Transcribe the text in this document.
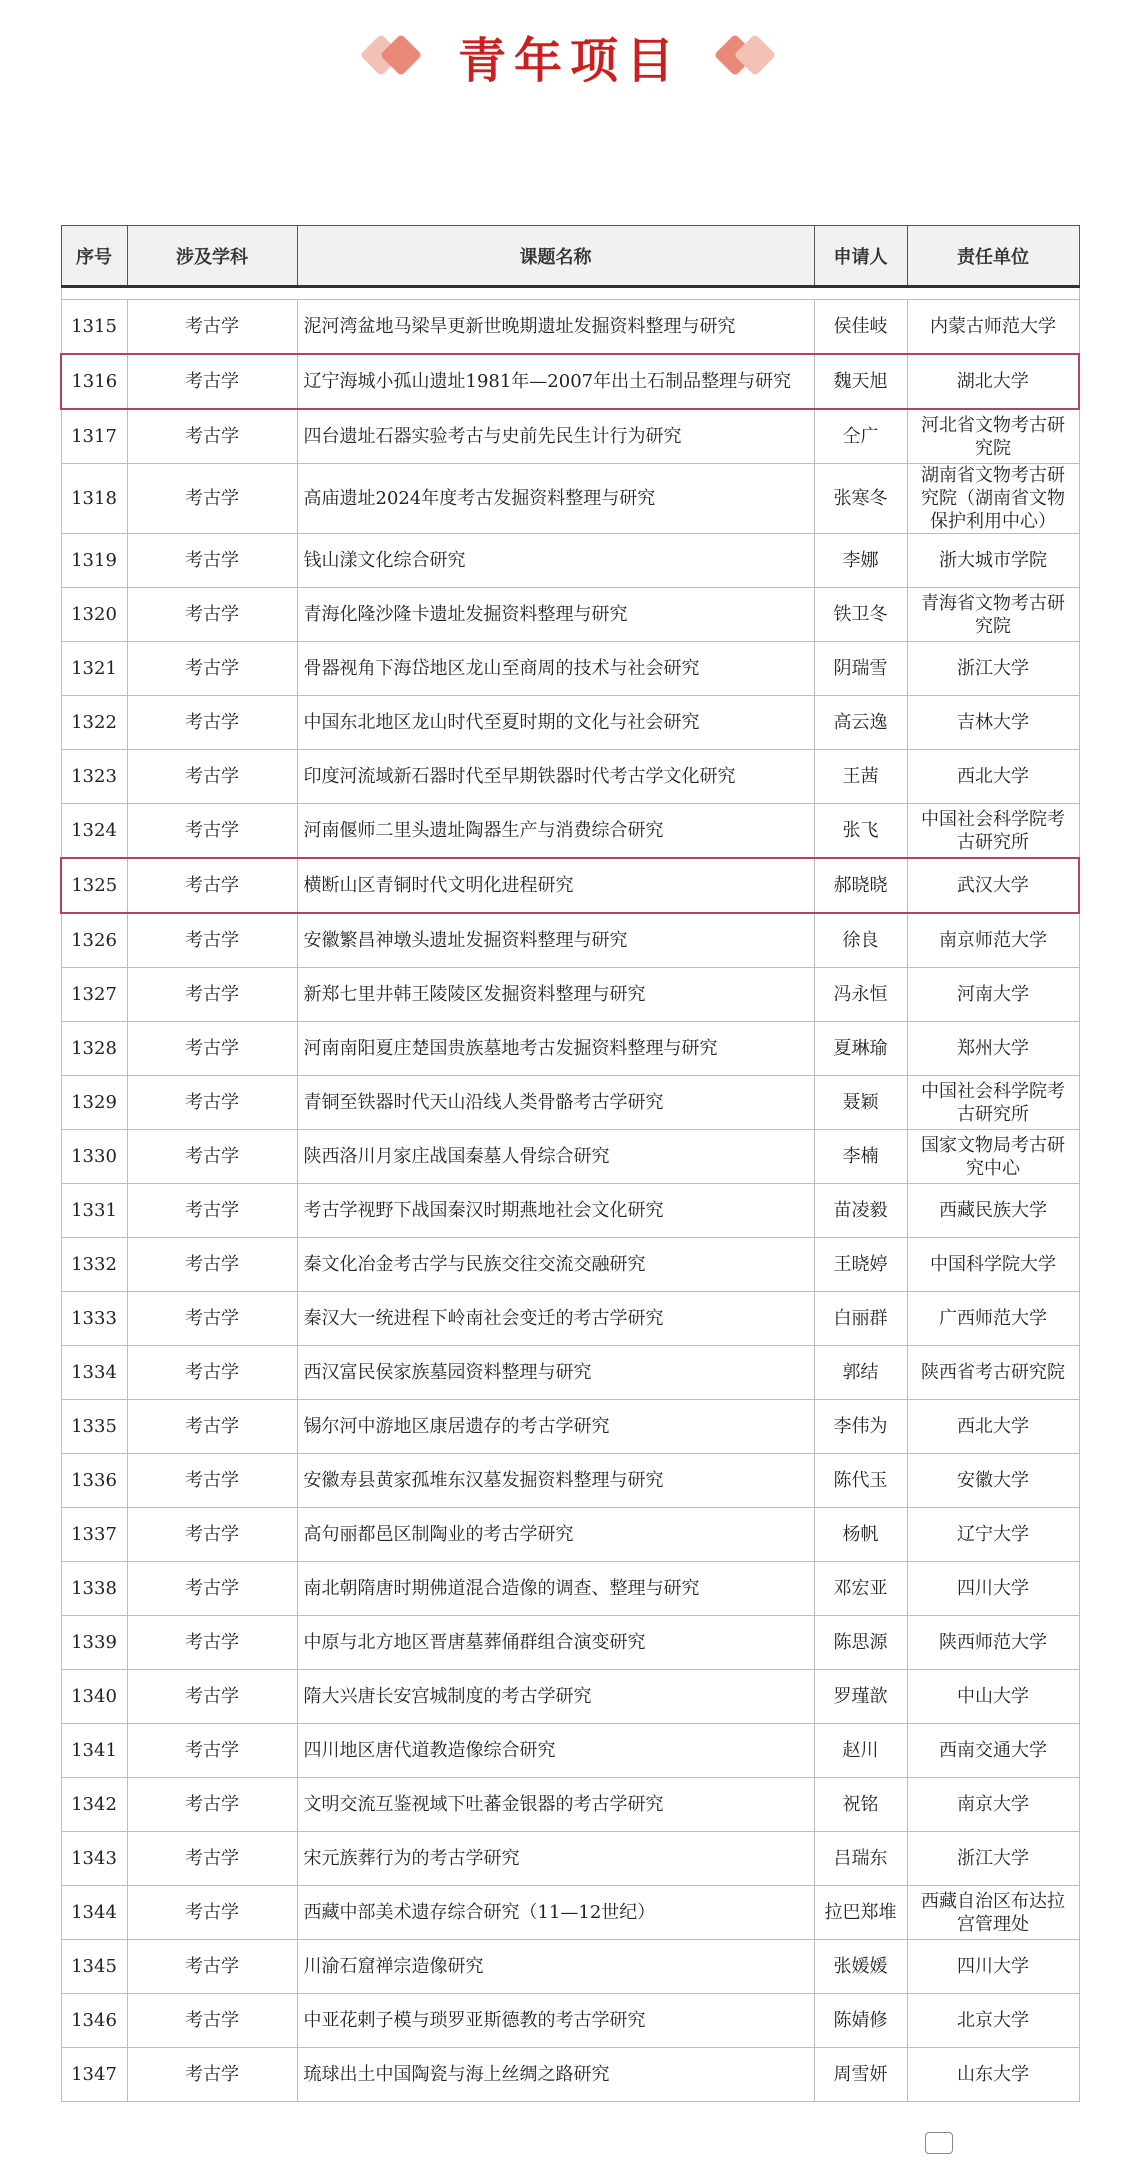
青年项目
序号	涉及学科	课题名称	申请人	责任单位

1315	考古学	泥河湾盆地马梁旱更新世晚期遗址发掘资料整理与研究	侯佳岐	内蒙古师范大学
1316	考古学	辽宁海城小孤山遗址1981年—2007年出土石制品整理与研究	魏天旭	湖北大学
1317	考古学	四台遗址石器实验考古与史前先民生计行为研究	仝广	河北省文物考古研究院
1318	考古学	高庙遗址2024年度考古发掘资料整理与研究	张寒冬	湖南省文物考古研究院（湖南省文物保护利用中心）
1319	考古学	钱山漾文化综合研究	李娜	浙大城市学院
1320	考古学	青海化隆沙隆卡遗址发掘资料整理与研究	铁卫冬	青海省文物考古研究院
1321	考古学	骨器视角下海岱地区龙山至商周的技术与社会研究	阴瑞雪	浙江大学
1322	考古学	中国东北地区龙山时代至夏时期的文化与社会研究	高云逸	吉林大学
1323	考古学	印度河流域新石器时代至早期铁器时代考古学文化研究	王茜	西北大学
1324	考古学	河南偃师二里头遗址陶器生产与消费综合研究	张飞	中国社会科学院考古研究所
1325	考古学	横断山区青铜时代文明化进程研究	郝晓晓	武汉大学
1326	考古学	安徽繁昌神墩头遗址发掘资料整理与研究	徐良	南京师范大学
1327	考古学	新郑七里井韩王陵陵区发掘资料整理与研究	冯永恒	河南大学
1328	考古学	河南南阳夏庄楚国贵族墓地考古发掘资料整理与研究	夏琳瑜	郑州大学
1329	考古学	青铜至铁器时代天山沿线人类骨骼考古学研究	聂颖	中国社会科学院考古研究所
1330	考古学	陕西洛川月家庄战国秦墓人骨综合研究	李楠	国家文物局考古研究中心
1331	考古学	考古学视野下战国秦汉时期燕地社会文化研究	苗凌毅	西藏民族大学
1332	考古学	秦文化冶金考古学与民族交往交流交融研究	王晓婷	中国科学院大学
1333	考古学	秦汉大一统进程下岭南社会变迁的考古学研究	白丽群	广西师范大学
1334	考古学	西汉富民侯家族墓园资料整理与研究	郭结	陕西省考古研究院
1335	考古学	锡尔河中游地区康居遗存的考古学研究	李伟为	西北大学
1336	考古学	安徽寿县黄家孤堆东汉墓发掘资料整理与研究	陈代玉	安徽大学
1337	考古学	高句丽都邑区制陶业的考古学研究	杨帆	辽宁大学
1338	考古学	南北朝隋唐时期佛道混合造像的调查、整理与研究	邓宏亚	四川大学
1339	考古学	中原与北方地区晋唐墓葬俑群组合演变研究	陈思源	陕西师范大学
1340	考古学	隋大兴唐长安宫城制度的考古学研究	罗瑾歆	中山大学
1341	考古学	四川地区唐代道教造像综合研究	赵川	西南交通大学
1342	考古学	文明交流互鉴视域下吐蕃金银器的考古学研究	祝铭	南京大学
1343	考古学	宋元族葬行为的考古学研究	吕瑞东	浙江大学
1344	考古学	西藏中部美术遗存综合研究（11—12世纪）	拉巴郑堆	西藏自治区布达拉宫管理处
1345	考古学	川渝石窟禅宗造像研究	张媛媛	四川大学
1346	考古学	中亚花剌子模与琐罗亚斯德教的考古学研究	陈婧修	北京大学
1347	考古学	琉球出土中国陶瓷与海上丝绸之路研究	周雪妍	山东大学
